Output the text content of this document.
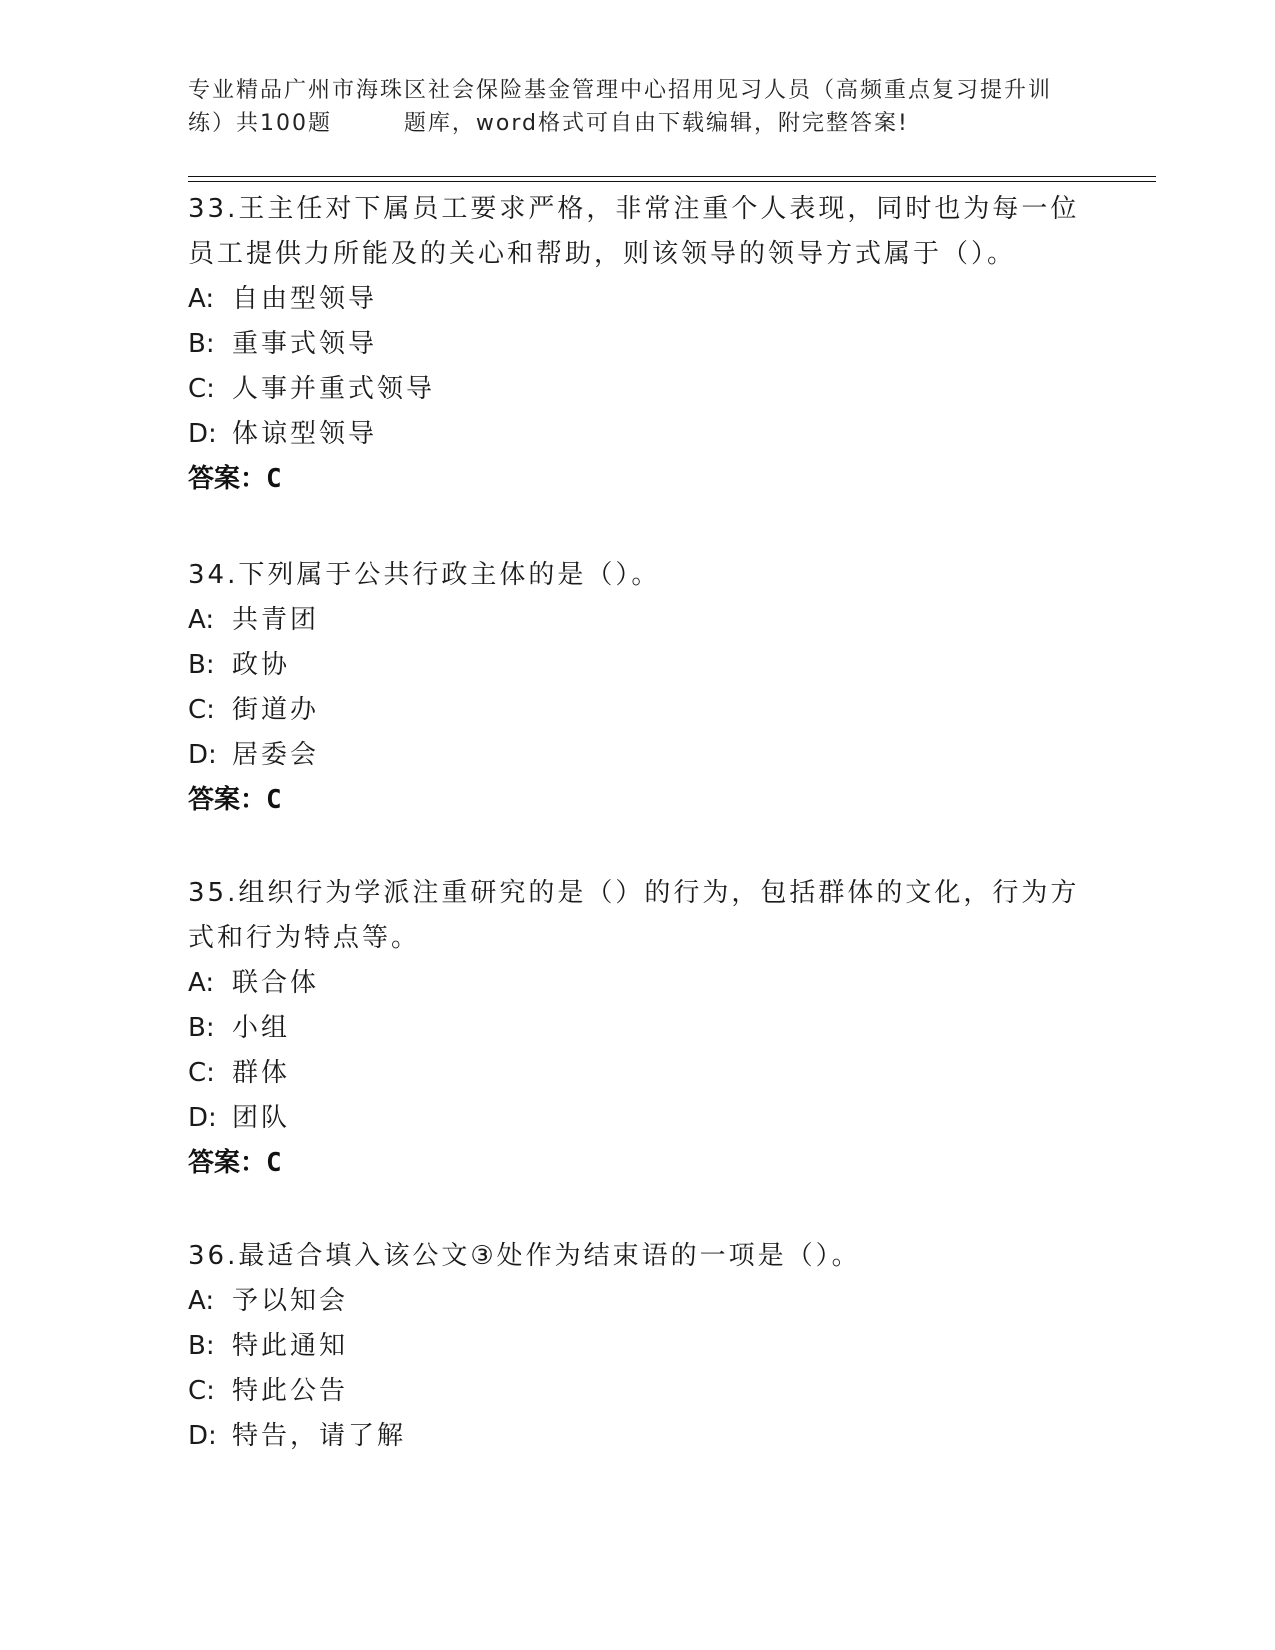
专业精品广州市海珠区社会保险基金管理中心招用见习人员（高频重点复习提升训
练）共100题        题库，word格式可自由下载编辑，附完整答案!
33.王主任对下属员工要求严格，非常注重个人表现，同时也为每一位
员工提供力所能及的关心和帮助，则该领导的领导方式属于（）。
A: 自由型领导
B: 重事式领导
C: 人事并重式领导
D: 体谅型领导
答案：C
34.下列属于公共行政主体的是（）。
A: 共青团
B: 政协
C: 街道办
D: 居委会
答案：C
35.组织行为学派注重研究的是（）的行为，包括群体的文化，行为方
式和行为特点等。
A: 联合体
B: 小组
C: 群体
D: 团队
答案：C
36.最适合填入该公文③处作为结束语的一项是（）。
A: 予以知会
B: 特此通知
C: 特此公告
D: 特告，请了解
